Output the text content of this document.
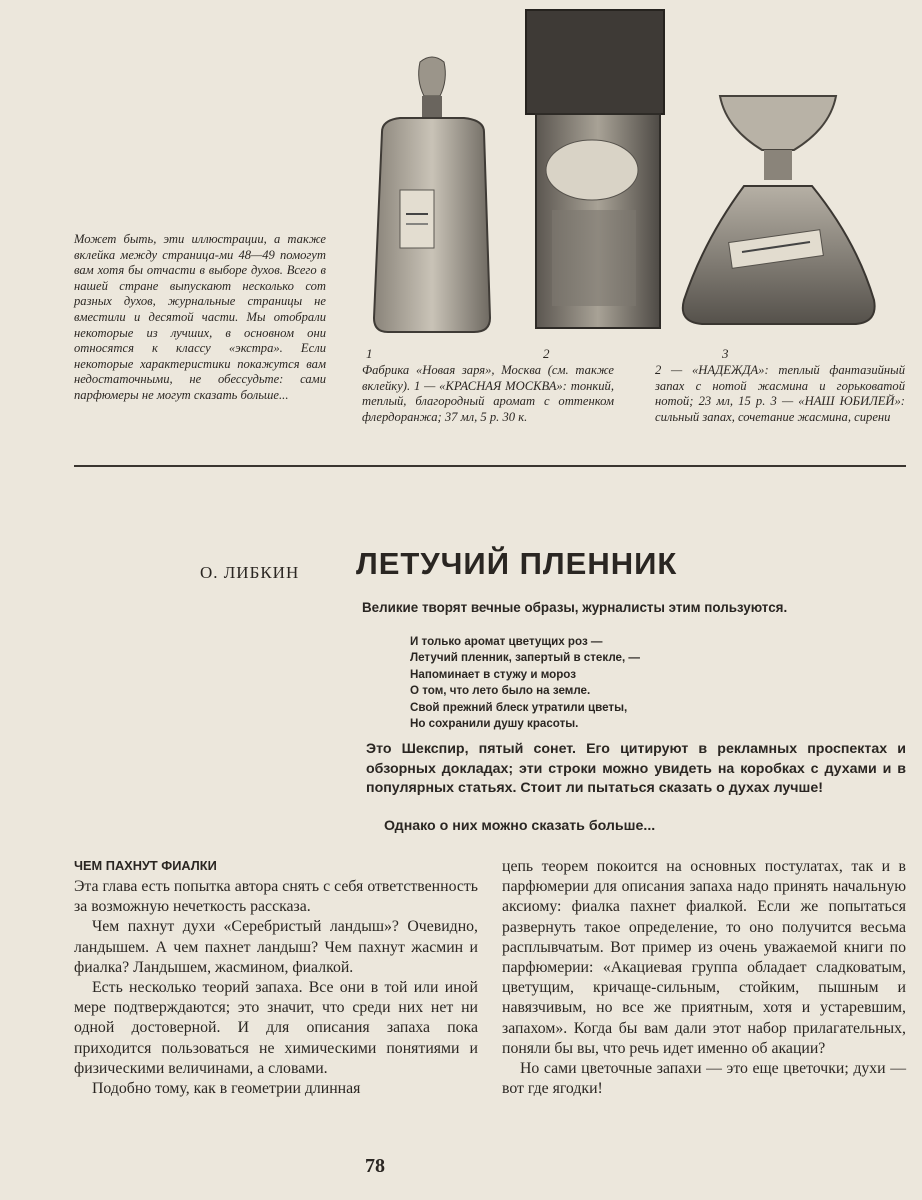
Может быть, эти иллюстрации, а также вклейка между страница-ми 48—49 помогут вам хотя бы отчасти в выборе духов. Всего в нашей стране выпускают несколько сот разных духов, журнальные страницы не вместили и десятой части. Мы отобрали некоторые из лучших, в основном они относятся к классу «экстра». Если некоторые характеристики покажутся вам недостаточными, не обессудьте: сами парфюмеры не могут сказать больше...
1	2	3
Фабрика «Новая заря», Москва (см. также вклейку). 1 — «КРАСНАЯ МОСКВА»: тонкий, теплый, благородный аромат с оттенком флердоранжа; 37 мл, 5 р. 30 к.
2 — «НАДЕЖДА»: теплый фантазийный запах с нотой жасмина и горьковатой нотой; 23 мл, 15 р. 3 — «НАШ ЮБИЛЕЙ»: сильный запах, сочетание жасмина, сирени
О. ЛИБКИН ЛЕТУЧИЙ ПЛЕННИК
Великие творят вечные образы, журналисты этим пользуются.
И только аромат цветущих роз —
Летучий пленник, запертый в стекле, —
Напоминает в стужу и мороз
О том, что лето было на земле.
Свой прежний блеск утратили цветы,
Но сохранили душу красоты.
Это Шекспир, пятый сонет. Его цитируют в рекламных проспектах и обзорных докладах; эти строки можно увидеть на коробках с духами и в популярных статьях. Стоит ли пытаться сказать о духах лучше!
Однако о них можно сказать больше...
ЧЕМ ПАХНУТ ФИАЛКИ

Эта глава есть попытка автора снять с себя ответственность за возможную нечеткость рассказа.

Чем пахнут духи «Серебристый ландыш»? Очевидно, ландышем. А чем пахнет ландыш? Чем пахнут жасмин и фиалка? Ландышем, жасмином, фиалкой.

Есть несколько теорий запаха. Все они в той или иной мере подтверждаются; это значит, что среди них нет ни одной достоверной. И для описания запаха пока приходится пользоваться не химическими понятиями и физическими величинами, а словами.

Подобно тому, как в геометрии длинная

цепь теорем покоится на основных постулатах, так и в парфюмерии для описания запаха надо принять начальную аксиому: фиалка пахнет фиалкой. Если же попытаться развернуть такое определение, то оно получится весьма расплывчатым. Вот пример из очень уважаемой книги по парфюмерии: «Акациевая группа обладает сладковатым, цветущим, кричаще-сильным, стойким, пышным и навязчивым, но все же приятным, хотя и устаревшим, запахом». Когда бы вам дали этот набор прилагательных, поняли бы вы, что речь идет именно об акации?

Но сами цветочные запахи — это еще цветочки; духи — вот где ягодки!

78
